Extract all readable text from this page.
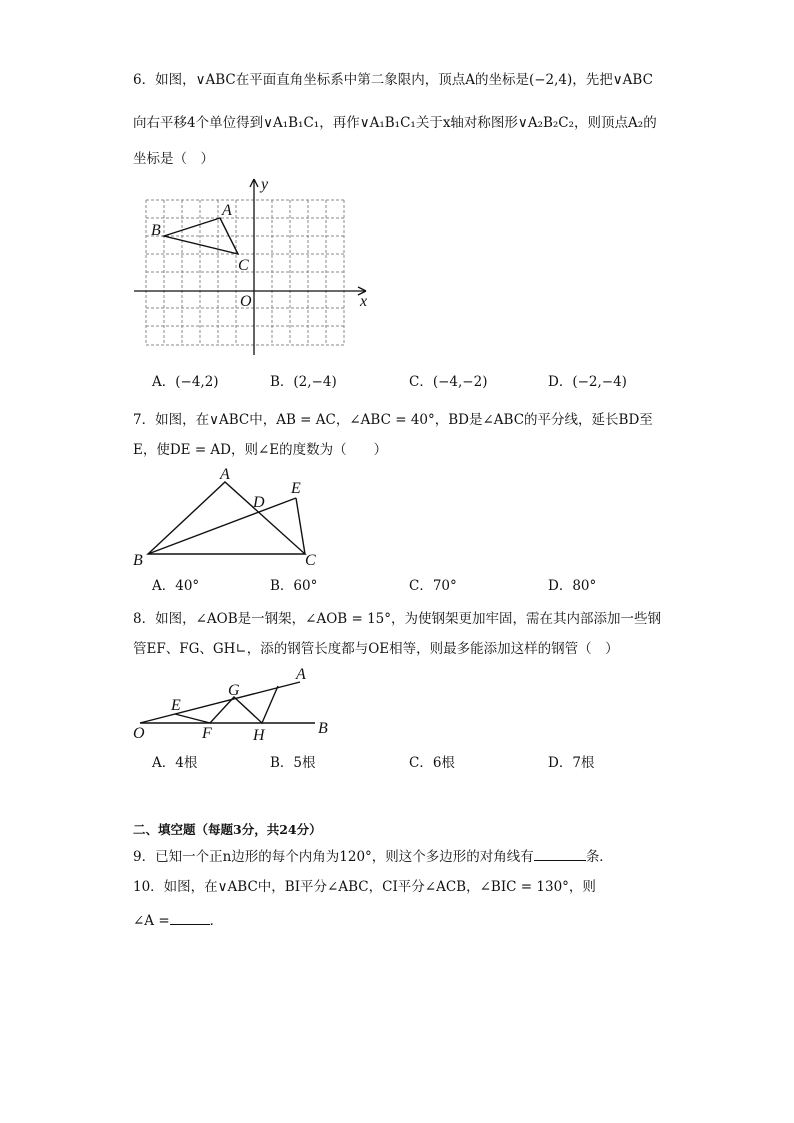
6．如图，∨ABC在平面直角坐标系中第二象限内，顶点A的坐标是(−2,4)，先把∨ABC
向右平移4个单位得到∨A₁B₁C₁，再作∨A₁B₁C₁关于x轴对称图形∨A₂B₂C₂，则顶点A₂的
坐标是（　）
y
x
O
A
B
C
A．(−4,2)	B．(2,−4)	C．(−4,−2)	D．(−2,−4)
7．如图，在∨ABC中，AB = AC，∠ABC = 40°，BD是∠ABC的平分线，延长BD至
E，使DE = AD，则∠E的度数为（　　）
A
D
E
B	C
A．40°	B．60°	C．70°	D．80°
8．如图，∠AOB是一钢架，∠AOB = 15°，为使钢架更加牢固，需在其内部添加一些钢
管EF、FG、GH∟，添的钢管长度都与OE相等，则最多能添加这样的钢管（　）
A
G
E
O	F	H	B
A．4根	B．5根	C．6根	D．7根
二、填空题（每题3分，共24分）
9．已知一个正n边形的每个内角为120°，则这个多边形的对角线有	条．
10．如图，在∨ABC中，BI平分∠ABC，CI平分∠ACB，∠BIC = 130°，则
∠A =	．
